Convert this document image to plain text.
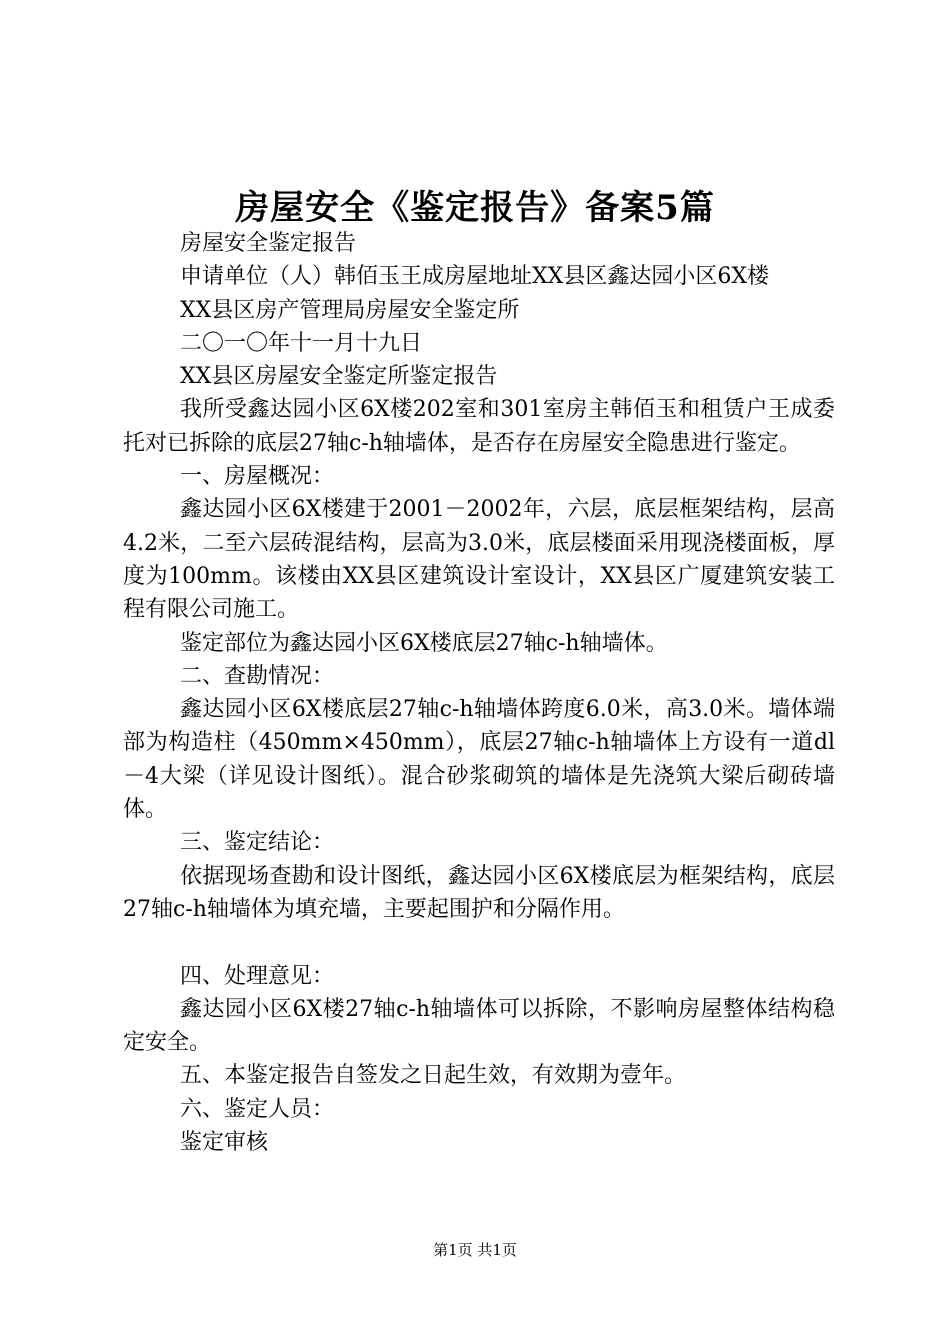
房屋安全《鉴定报告》备案5篇

房屋安全鉴定报告

申请单位（人）韩佰玉王成房屋地址XX县区鑫达园小区6X楼

XX县区房产管理局房屋安全鉴定所

二〇一〇年十一月十九日

XX县区房屋安全鉴定所鉴定报告

我所受鑫达园小区6X楼202室和301室房主韩佰玉和租赁户王成委托对已拆除的底层27轴c-h轴墙体，是否存在房屋安全隐患进行鉴定。

一、房屋概况：

鑫达园小区6X楼建于2001－2002年，六层，底层框架结构，层高4.2米，二至六层砖混结构，层高为3.0米，底层楼面采用现浇楼面板，厚度为100mm。该楼由XX县区建筑设计室设计，XX县区广厦建筑安装工程有限公司施工。

鉴定部位为鑫达园小区6X楼底层27轴c-h轴墙体。

二、查勘情况：

鑫达园小区6X楼底层27轴c-h轴墙体跨度6.0米，高3.0米。墙体端部为构造柱（450mm×450mm），底层27轴c-h轴墙体上方设有一道dl－4大梁（详见设计图纸）。混合砂浆砌筑的墙体是先浇筑大梁后砌砖墙体。

三、鉴定结论：

依据现场查勘和设计图纸，鑫达园小区6X楼底层为框架结构，底层27轴c-h轴墙体为填充墙，主要起围护和分隔作用。

四、处理意见：

鑫达园小区6X楼27轴c-h轴墙体可以拆除，不影响房屋整体结构稳定安全。

五、本鉴定报告自签发之日起生效，有效期为壹年。

六、鉴定人员：

鉴定审核

第1页 共1页
